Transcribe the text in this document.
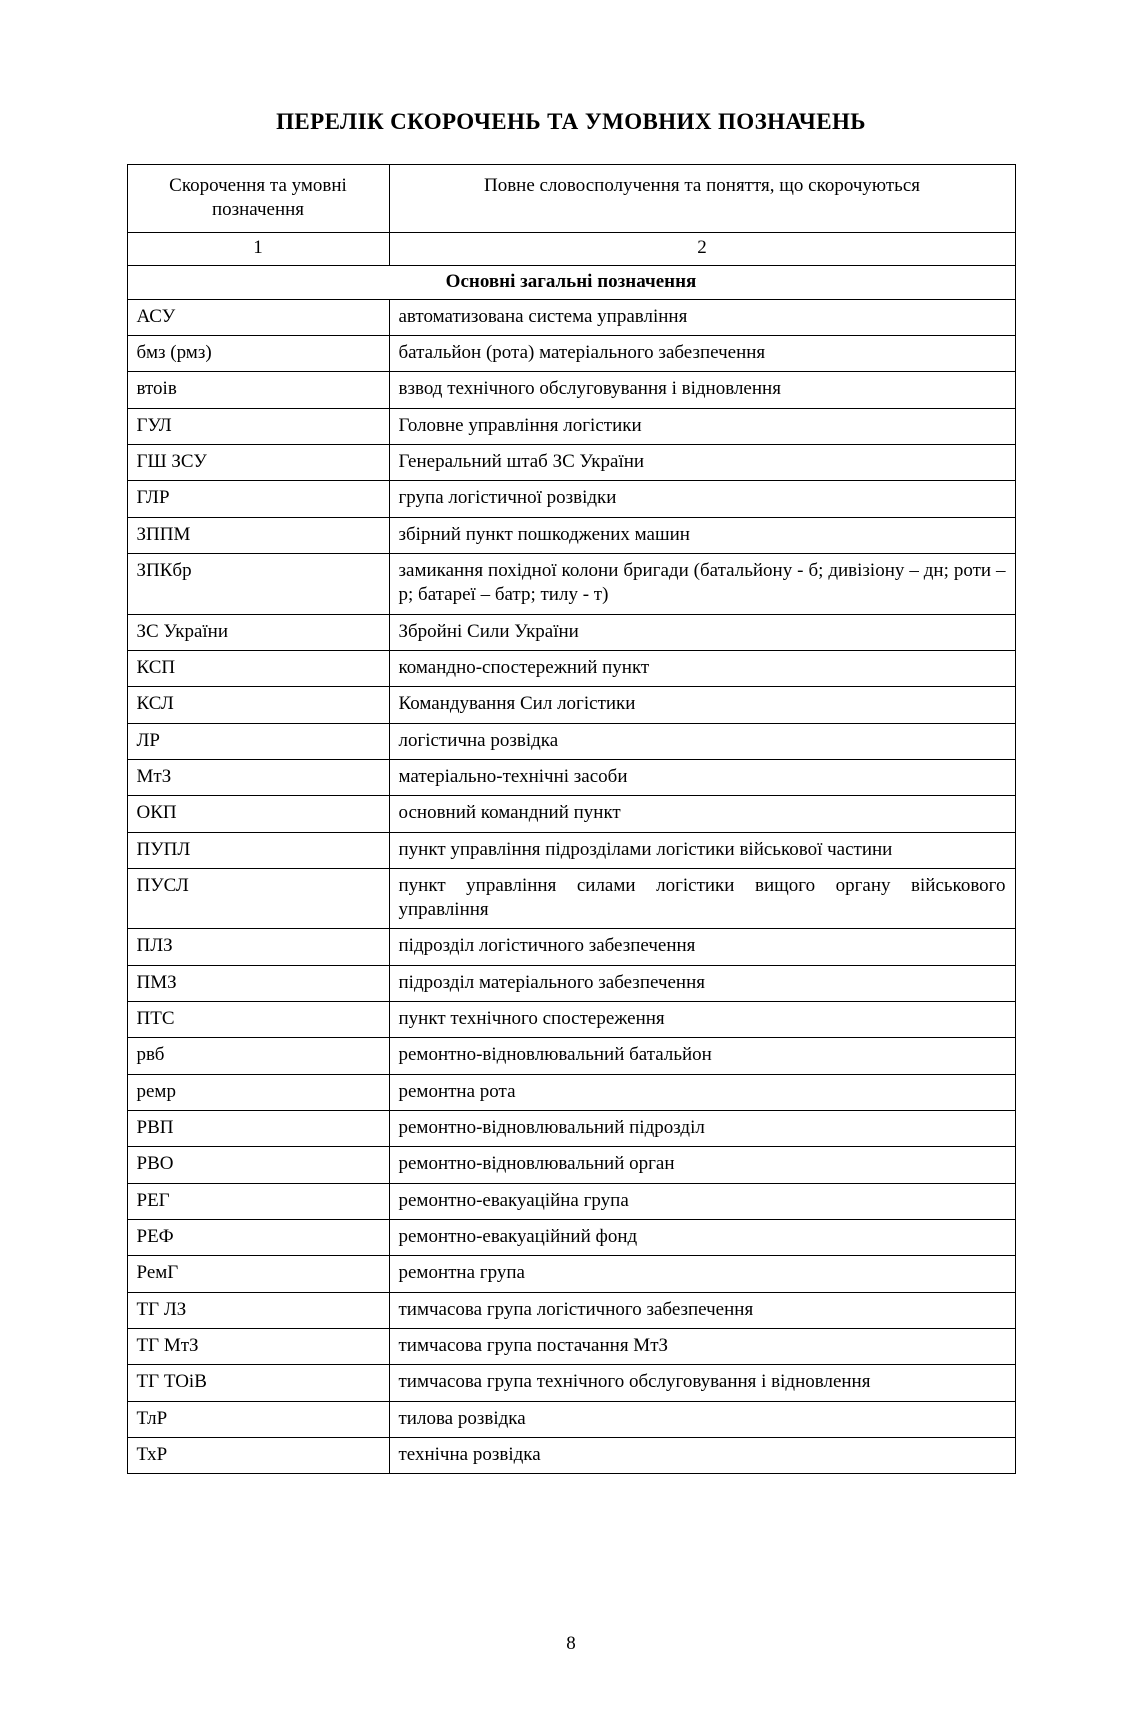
ПЕРЕЛІК СКОРОЧЕНЬ ТА УМОВНИХ ПОЗНАЧЕНЬ
Скорочення та умовні позначення	Повне словосполучення та поняття, що скорочуються
1	2
Основні загальні позначення	
АСУ	автоматизована система управління
бмз (рмз)	батальйон (рота) матеріального забезпечення
втоів	взвод технічного обслуговування і відновлення
ГУЛ	Головне управління логістики
ГШ ЗСУ	Генеральний штаб ЗС України
ГЛР	група логістичної розвідки
ЗППМ	збірний пункт пошкоджених машин
ЗПКбр	замикання похідної колони бригади (батальйону - б; дивізіону – дн; роти – р; батареї – батр; тилу - т)
ЗС України	Збройні Сили України
КСП	командно-спостережний пункт
КСЛ	Командування Сил логістики
ЛР	логістична розвідка
МтЗ	матеріально-технічні засоби
ОКП	основний командний пункт
ПУПЛ	пункт управління підрозділами логістики військової частини
ПУСЛ	пункт управління силами логістики вищого органу військового управління
ПЛЗ	підрозділ логістичного забезпечення
ПМЗ	підрозділ матеріального забезпечення
ПТС	пункт технічного спостереження
рвб	ремонтно-відновлювальний батальйон
ремр	ремонтна рота
РВП	ремонтно-відновлювальний підрозділ
РВО	ремонтно-відновлювальний орган
РЕГ	ремонтно-евакуаційна група
РЕФ	ремонтно-евакуаційний фонд
РемГ	ремонтна група
ТГ ЛЗ	тимчасова група логістичного забезпечення
ТГ МтЗ	тимчасова група постачання МтЗ
ТГ ТОіВ	тимчасова група технічного обслуговування і відновлення
ТлР	тилова розвідка
ТхР	технічна розвідка
8
